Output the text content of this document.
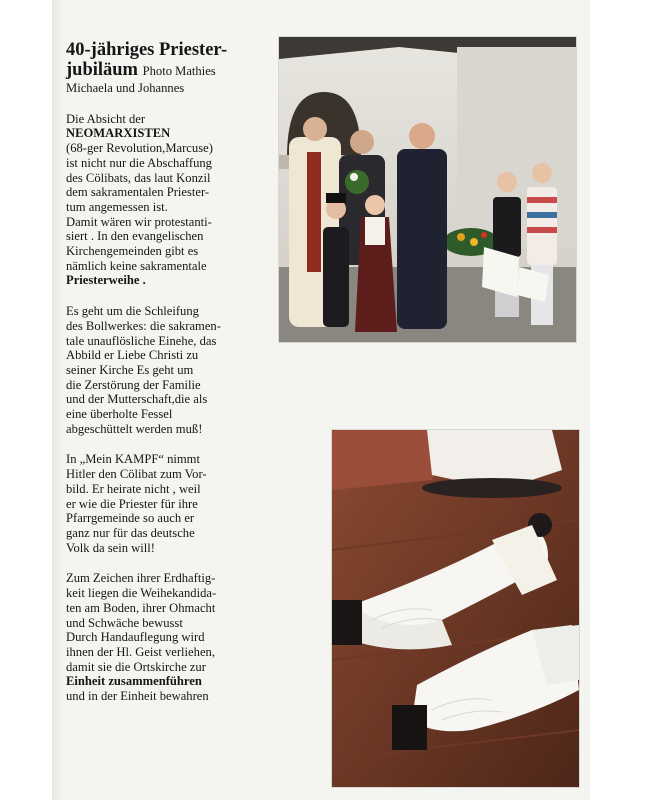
40-jähriges Priester-
jubiläum Photo Mathies

Michaela und Johannes

Die Absicht der
NEOMARXISTEN
(68-ger Revolution,Marcuse)
ist nicht nur die Abschaffung
des Cölibats, das laut Konzil
dem sakramentalen Priester-
tum angemessen ist.
Damit wären wir protestanti-
siert . In den evangelischen
Kirchengemeinden gibt es
nämlich keine sakramentale
Priesterweihe .

Es geht um die Schleifung
des Bollwerkes: die sakramen-
tale unauflösliche Einehe, das
Abbild er Liebe Christi zu
seiner Kirche Es geht um
die Zerstörung der Familie
und der Mutterschaft,die als
eine überholte Fessel
abgeschüttelt werden muß!

In „Mein KAMPF“ nimmt
Hitler den Cölibat zum Vor-
bild. Er heirate nicht , weil
er wie die Priester für ihre
Pfarrgemeinde so auch er
ganz nur für das deutsche
Volk da sein will!

Zum Zeichen ihrer Erdhaftig-
keit liegen die Weihekandida-
ten am Boden, ihrer Ohmacht
und Schwäche bewusst
Durch Handauflegung wird
ihnen der Hl. Geist verliehen,
damit sie die Ortskirche zur
Einheit zusammenführen
und in der Einheit bewahren
